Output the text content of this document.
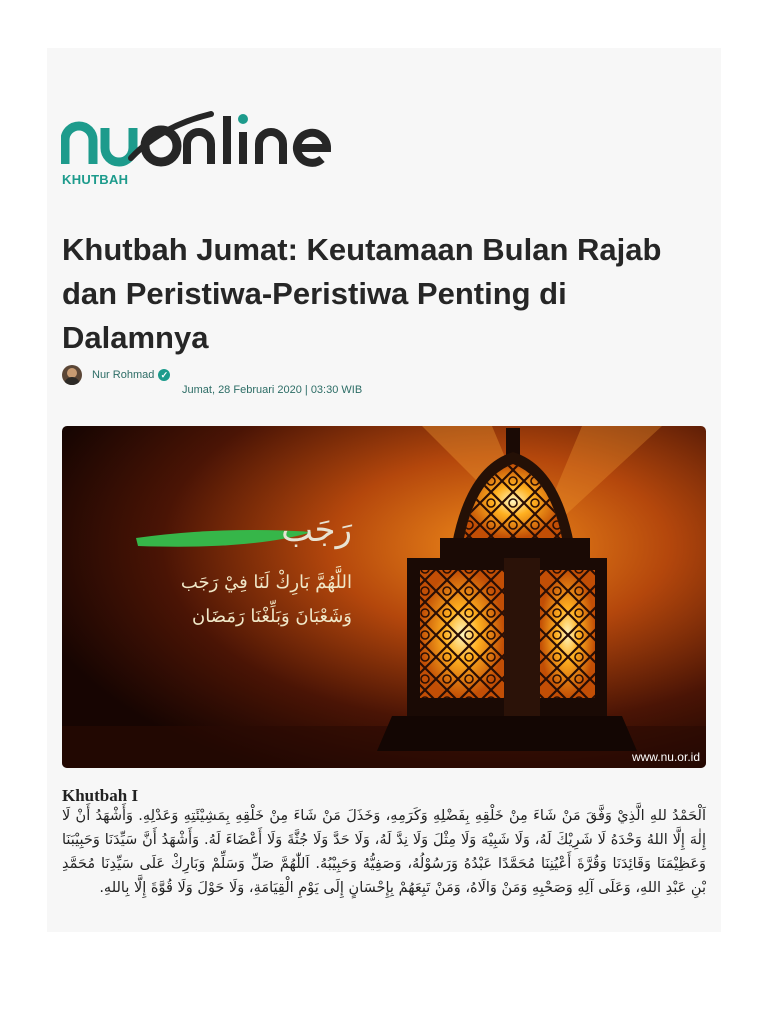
KHUTBAH
Khutbah Jumat: Keutamaan Bulan Rajab dan Peristiwa-Peristiwa Penting di Dalamnya
Nur Rohmad ✓
Jumat, 28 Februari 2020 | 03:30 WIB
رَجَب
اللَّهُمَّ بَارِكْ لَنَا فِيْ رَجَب
وَشَعْبَانَ وَبَلِّغْنَا رَمَضَان
www.nu.or.id
Khutbah I

اَلْحَمْدُ للهِ الَّذِيْ وَفَّقَ مَنْ شَاءَ مِنْ خَلْقِهِ بِفَضْلِهِ وَكَرَمِهِ، وَخَذَلَ مَنْ شَاءَ مِنْ خَلْقِهِ بِمَشِيْئَتِهِ وَعَدْلِهِ. وَأَشْهَدُ أَنْ لَا إِلٰهَ إِلَّا اللهُ وَحْدَهُ لَا شَرِيْكَ لَهُ، وَلَا شَبِيْهَ وَلَا مِثْلَ وَلَا نِدَّ لَهُ، وَلَا حَدَّ وَلَا جُثَّةَ وَلَا أَعْضَاءَ لَهُ. وَأَشْهَدُ أَنَّ سَيِّدَنَا وَحَبِيْبَنَا وَعَظِيْمَنَا وَقَائِدَنَا وَقُرَّةَ أَعْيُنِنَا مُحَمَّدًا عَبْدُهُ وَرَسُوْلُهُ، وَصَفِيُّهُ وَحَبِيْبُهُ. اَللّٰهُمَّ صَلِّ وَسَلِّمْ وَبَارِكْ عَلَى سَيِّدِنَا مُحَمَّدِ بْنِ عَبْدِ اللهِ، وَعَلَى آلِهِ وَصَحْبِهِ وَمَنْ وَالَاهُ، وَمَنْ تَبِعَهُمْ بِإِحْسَانٍ إِلَى يَوْمِ الْقِيَامَةِ، وَلَا حَوْلَ وَلَا قُوَّةَ إِلَّا بِاللهِ.
